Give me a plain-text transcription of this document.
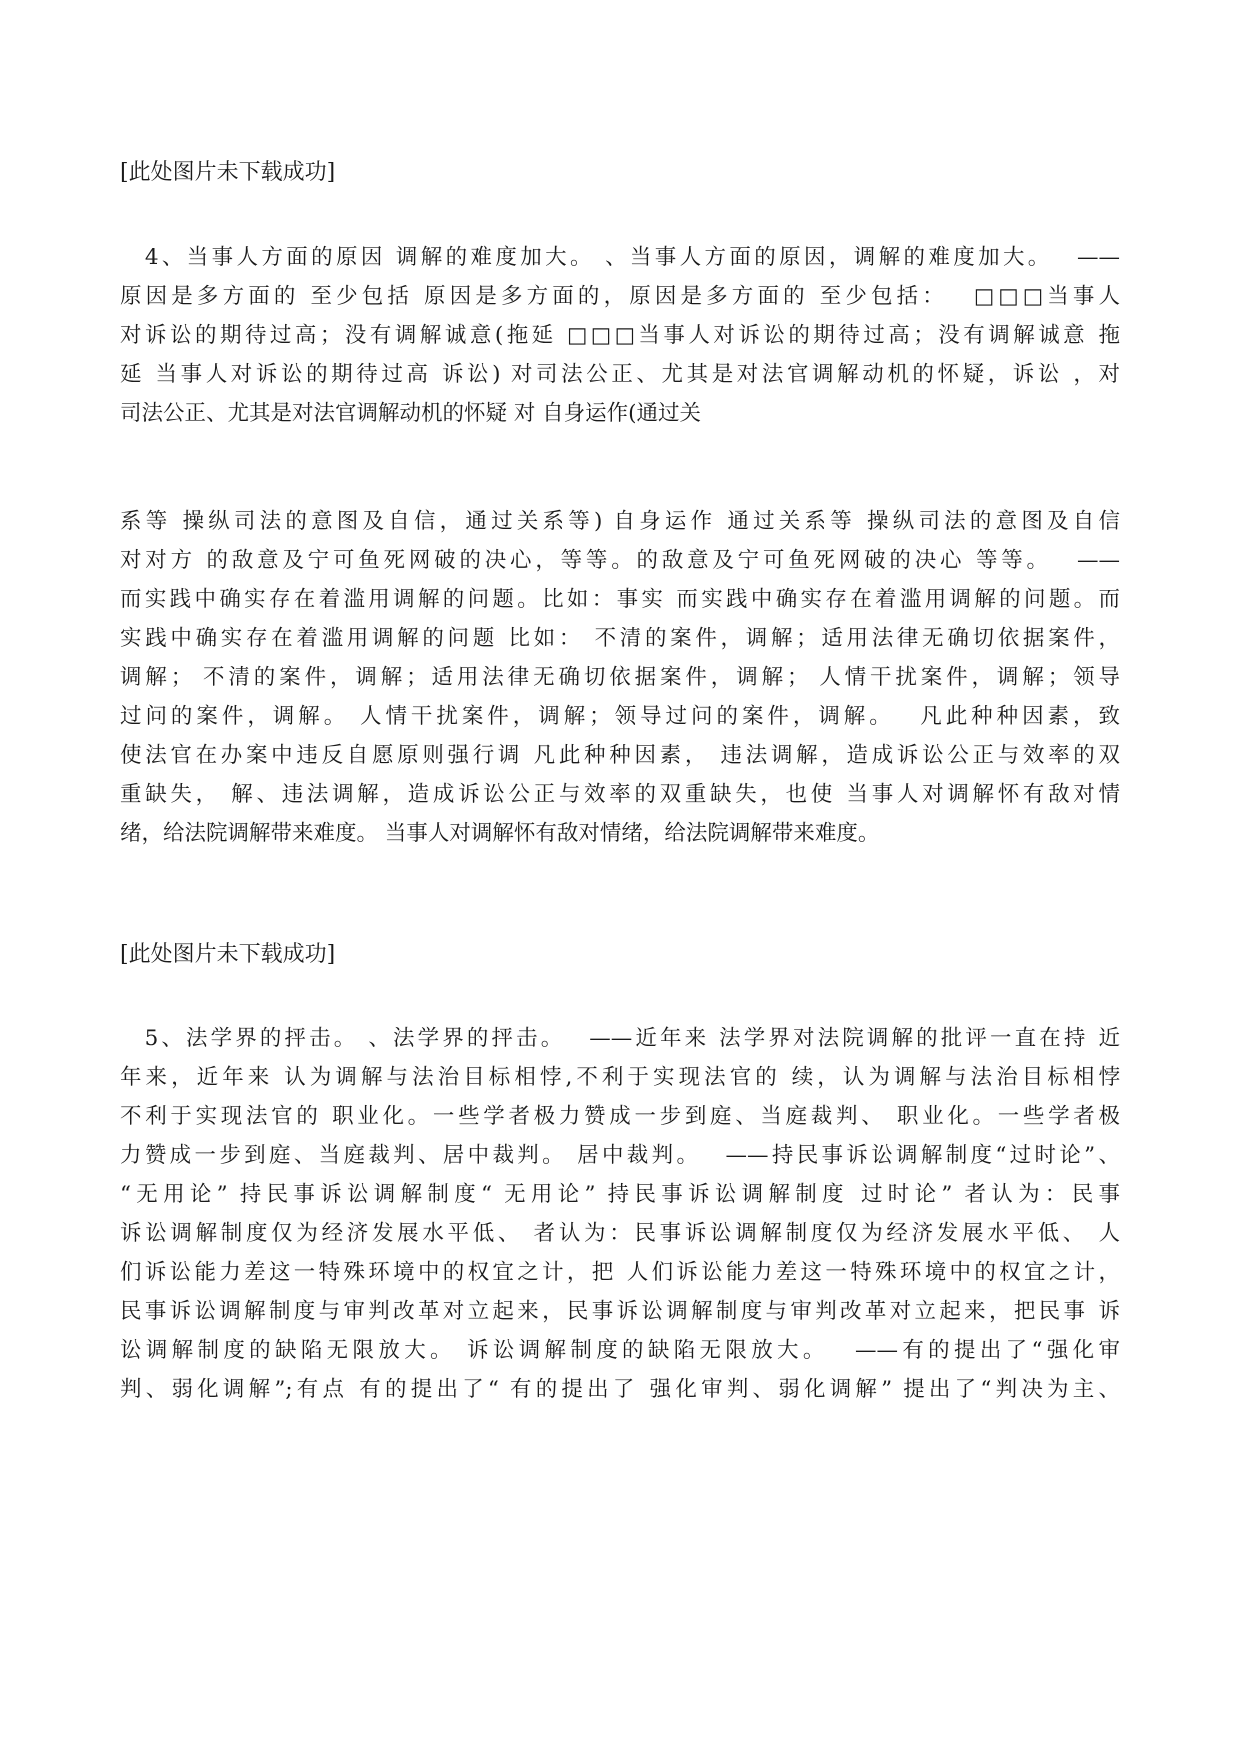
[此处图片未下载成功]
　4、当事人方面的原因 调解的难度加大。 、当事人方面的原因，调解的难度加大。　 ——
原因是多方面的 至少包括 原因是多方面的，原因是多方面的 至少包括：　 □□□当事人
对诉讼的期待过高；没有调解诚意(拖延 □□□当事人对诉讼的期待过高；没有调解诚意 拖
延 当事人对诉讼的期待过高 诉讼) 对司法公正、尤其是对法官调解动机的怀疑，诉讼 ，对
司法公正、尤其是对法官调解动机的怀疑 对 自身运作(通过关
系等 操纵司法的意图及自信，通过关系等) 自身运作 通过关系等 操纵司法的意图及自信
对对方 的敌意及宁可鱼死网破的决心，等等。的敌意及宁可鱼死网破的决心 等等。　 ——
而实践中确实存在着滥用调解的问题。比如：事实 而实践中确实存在着滥用调解的问题。而
实践中确实存在着滥用调解的问题 比如： 不清的案件，调解；适用法律无确切依据案件，
调解； 不清的案件，调解；适用法律无确切依据案件，调解； 人情干扰案件，调解；领导
过问的案件，调解。 人情干扰案件，调解；领导过问的案件，调解。　 凡此种种因素，致
使法官在办案中违反自愿原则强行调 凡此种种因素， 违法调解，造成诉讼公正与效率的双
重缺失， 解、违法调解，造成诉讼公正与效率的双重缺失，也使 当事人对调解怀有敌对情
绪，给法院调解带来难度。 当事人对调解怀有敌对情绪，给法院调解带来难度。
[此处图片未下载成功]
　5、法学界的抨击。 、法学界的抨击。　 ——近年来 法学界对法院调解的批评一直在持 近
年来，近年来 认为调解与法治目标相悖,不利于实现法官的 续，认为调解与法治目标相悖
不利于实现法官的 职业化。一些学者极力赞成一步到庭、当庭裁判、 职业化。一些学者极
力赞成一步到庭、当庭裁判、居中裁判。 居中裁判。　 ——持民事诉讼调解制度“过时论”、
“无用论” 持民事诉讼调解制度“ 无用论” 持民事诉讼调解制度 过时论” 者认为：民事
诉讼调解制度仅为经济发展水平低、 者认为：民事诉讼调解制度仅为经济发展水平低、 人
们诉讼能力差这一特殊环境中的权宜之计，把 人们诉讼能力差这一特殊环境中的权宜之计，
民事诉讼调解制度与审判改革对立起来，民事诉讼调解制度与审判改革对立起来，把民事 诉
讼调解制度的缺陷无限放大。 诉讼调解制度的缺陷无限放大。　 ——有的提出了“强化审
判、弱化调解”;有点 有的提出了“ 有的提出了 强化审判、弱化调解” 提出了“判决为主、
